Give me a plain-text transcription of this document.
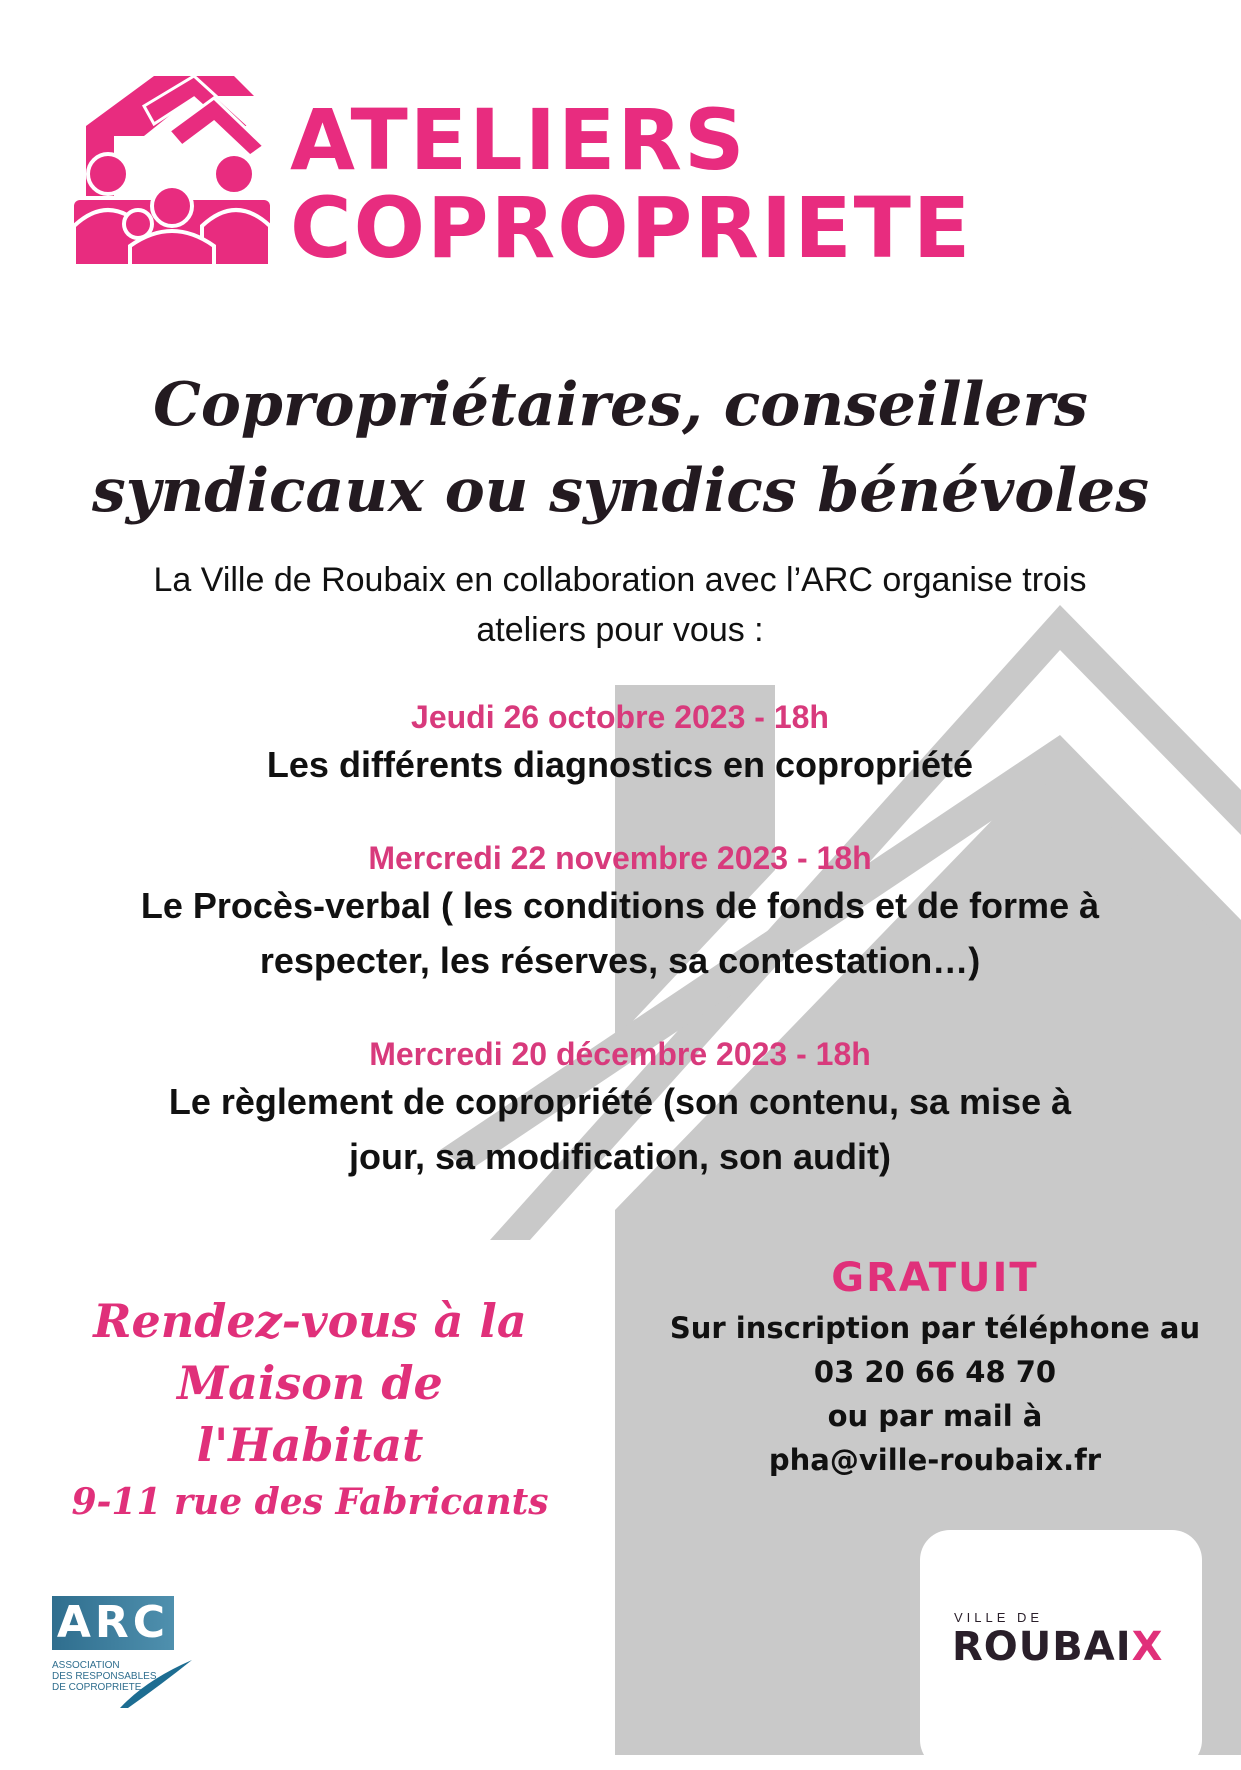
ATELIERS
COPROPRIETE
Copropriétaires, conseillers
syndicaux ou syndics bénévoles
La Ville de Roubaix en collaboration avec l’ARC organise trois
ateliers pour vous :
Jeudi 26 octobre 2023 - 18h
Les différents diagnostics en copropriété
Mercredi 22 novembre 2023 - 18h
Le Procès-verbal ( les conditions de fonds et de forme à
respecter, les réserves, sa contestation…)
Mercredi 20 décembre 2023 - 18h
Le règlement de copropriété (son contenu, sa mise à
jour, sa modification, son audit)
Rendez-vous à la
Maison de l'Habitat
9-11 rue des Fabricants
GRATUIT
Sur inscription par téléphone au
03 20 66 48 70
ou par mail à
pha@ville-roubaix.fr
ARC
ASSOCIATION
DES RESPONSABLES
DE COPROPRIETE
VILLE DE
ROUBAIX
